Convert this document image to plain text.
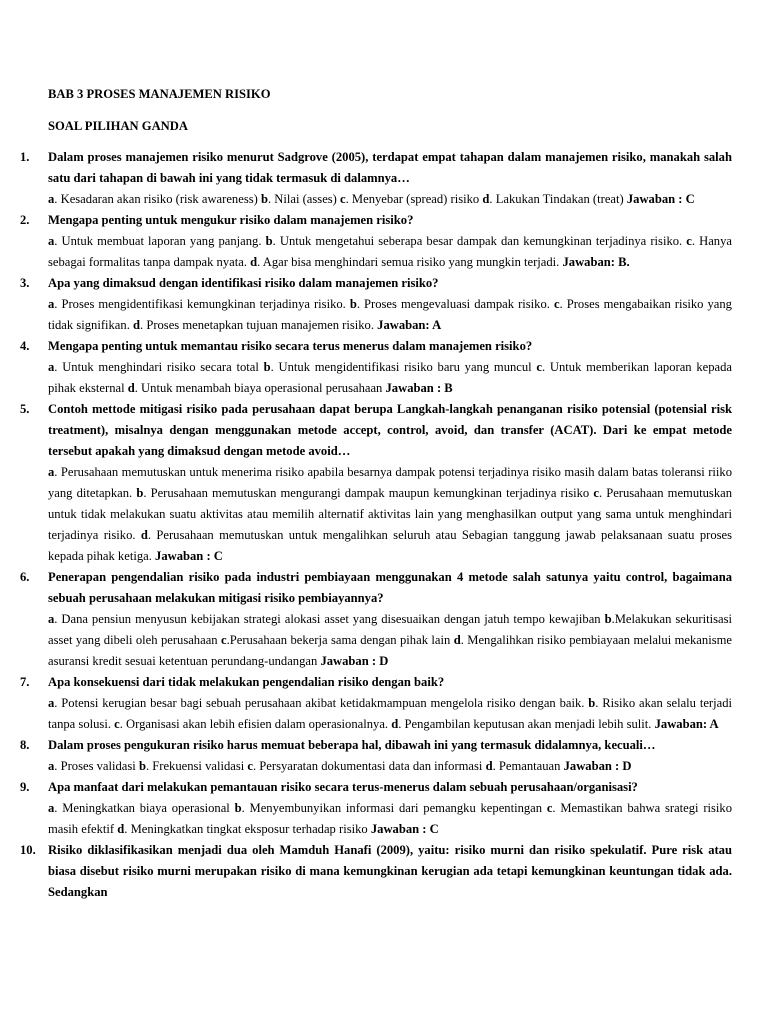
BAB 3 PROSES MANAJEMEN RISIKO
SOAL PILIHAN GANDA
1. Dalam proses manajemen risiko menurut Sadgrove (2005), terdapat empat tahapan dalam manajemen risiko, manakah salah satu dari tahapan di bawah ini yang tidak termasuk di dalamnya…
a. Kesadaran akan risiko (risk awareness) b. Nilai (asses) c. Menyebar (spread) risiko d. Lakukan Tindakan (treat) Jawaban : C
2. Mengapa penting untuk mengukur risiko dalam manajemen risiko?
a. Untuk membuat laporan yang panjang. b. Untuk mengetahui seberapa besar dampak dan kemungkinan terjadinya risiko. c. Hanya sebagai formalitas tanpa dampak nyata. d. Agar bisa menghindari semua risiko yang mungkin terjadi. Jawaban: B.
3. Apa yang dimaksud dengan identifikasi risiko dalam manajemen risiko?
a. Proses mengidentifikasi kemungkinan terjadinya risiko. b. Proses mengevaluasi dampak risiko. c. Proses mengabaikan risiko yang tidak signifikan. d. Proses menetapkan tujuan manajemen risiko. Jawaban: A
4. Mengapa penting untuk memantau risiko secara terus menerus dalam manajemen risiko?
a. Untuk menghindari risiko secara total b. Untuk mengidentifikasi risiko baru yang muncul c. Untuk memberikan laporan kepada pihak eksternal d. Untuk menambah biaya operasional perusahaan Jawaban : B
5. Contoh mettode mitigasi risiko pada perusahaan dapat berupa Langkah-langkah penanganan risiko potensial (potensial risk treatment), misalnya dengan menggunakan metode accept, control, avoid, dan transfer (ACAT). Dari ke empat metode tersebut apakah yang dimaksud dengan metode avoid…
a. Perusahaan memutuskan untuk menerima risiko apabila besarnya dampak potensi terjadinya risiko masih dalam batas toleransi riiko yang ditetapkan. b. Perusahaan memutuskan mengurangi dampak maupun kemungkinan terjadinya risiko c. Perusahaan memutuskan untuk tidak melakukan suatu aktivitas atau memilih alternatif aktivitas lain yang menghasilkan output yang sama untuk menghindari terjadinya risiko. d. Perusahaan memutuskan untuk mengalihkan seluruh atau Sebagian tanggung jawab pelaksanaan suatu proses kepada pihak ketiga. Jawaban : C
6. Penerapan pengendalian risiko pada industri pembiayaan menggunakan 4 metode salah satunya yaitu control, bagaimana sebuah perusahaan melakukan mitigasi risiko pembiayannya?
a. Dana pensiun menyusun kebijakan strategi alokasi asset yang disesuaikan dengan jatuh tempo kewajiban b.Melakukan sekuritisasi asset yang dibeli oleh perusahaan c.Perusahaan bekerja sama dengan pihak lain d. Mengalihkan risiko pembiayaan melalui mekanisme asuransi kredit sesuai ketentuan perundang-undangan Jawaban : D
7. Apa konsekuensi dari tidak melakukan pengendalian risiko dengan baik?
a. Potensi kerugian besar bagi sebuah perusahaan akibat ketidakmampuan mengelola risiko dengan baik. b. Risiko akan selalu terjadi tanpa solusi. c. Organisasi akan lebih efisien dalam operasionalnya. d. Pengambilan keputusan akan menjadi lebih sulit. Jawaban: A
8. Dalam proses pengukuran risiko harus memuat beberapa hal, dibawah ini yang termasuk didalamnya, kecuali…
a. Proses validasi b. Frekuensi validasi c. Persyaratan dokumentasi data dan informasi d. Pemantauan Jawaban : D
9. Apa manfaat dari melakukan pemantauan risiko secara terus-menerus dalam sebuah perusahaan/organisasi?
a. Meningkatkan biaya operasional b. Menyembunyikan informasi dari pemangku kepentingan c. Memastikan bahwa srategi risiko masih efektif d. Meningkatkan tingkat eksposur terhadap risiko Jawaban : C
10. Risiko diklasifikasikan menjadi dua oleh Mamduh Hanafi (2009), yaitu: risiko murni dan risiko spekulatif. Pure risk atau biasa disebut risiko murni merupakan risiko di mana kemungkinan kerugian ada tetapi kemungkinan keuntungan tidak ada. Sedangkan
